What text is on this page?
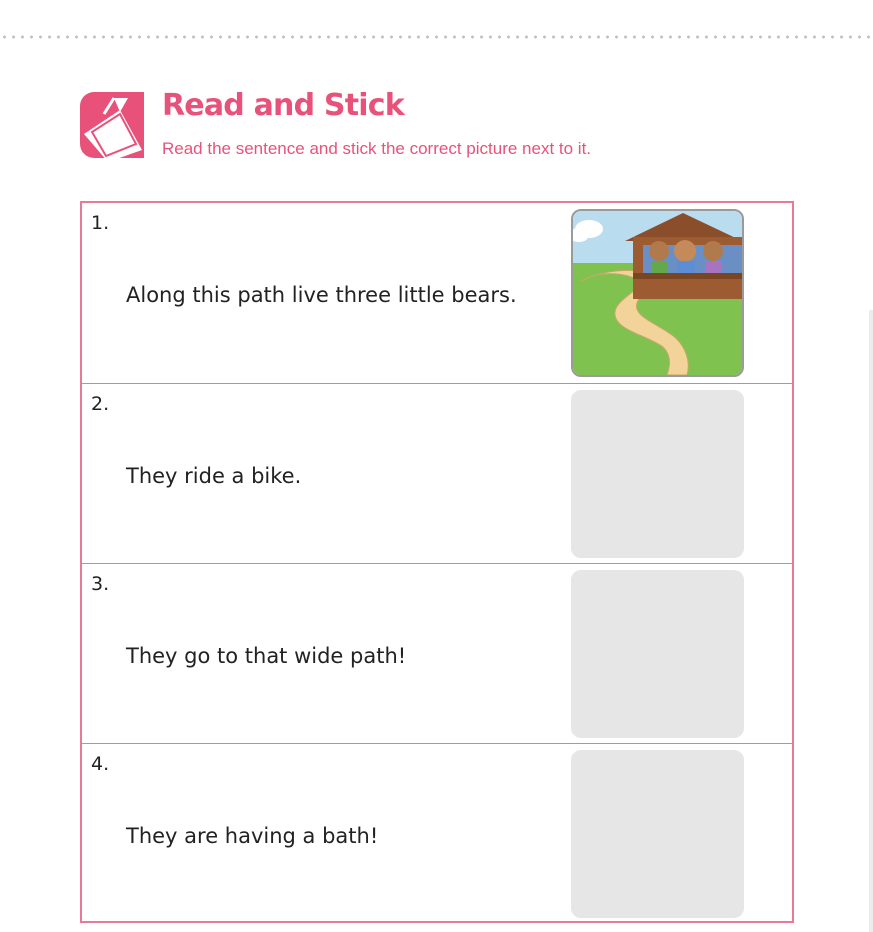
Read and Stick
Read the sentence and stick the correct picture next to it.
1.
Along this path live three little bears.
2.
They ride a bike.
3.
They go to that wide path!
4.
They are having a bath!
